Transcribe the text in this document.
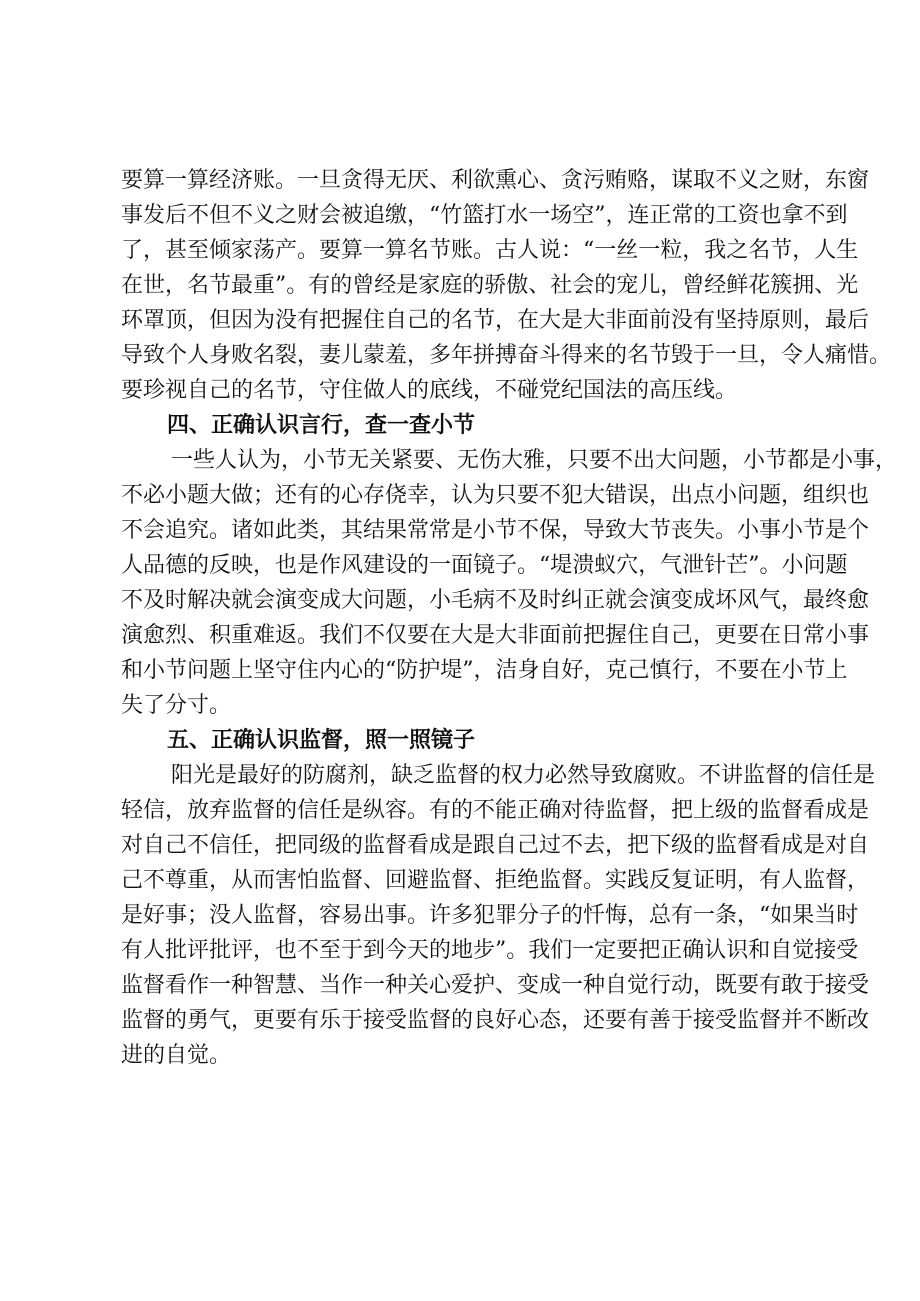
要算一算经济账。一旦贪得无厌、利欲熏心、贪污贿赂，谋取不义之财，东窗
事发后不但不义之财会被追缴，“竹篮打水一场空”，连正常的工资也拿不到
了，甚至倾家荡产。要算一算名节账。古人说：“一丝一粒，我之名节，人生
在世，名节最重”。有的曾经是家庭的骄傲、社会的宠儿，曾经鲜花簇拥、光
环罩顶，但因为没有把握住自己的名节，在大是大非面前没有坚持原则，最后
导致个人身败名裂，妻儿蒙羞，多年拼搏奋斗得来的名节毁于一旦，令人痛惜。
要珍视自己的名节，守住做人的底线，不碰党纪国法的高压线。
四、正确认识言行，查一查小节
一些人认为，小节无关紧要、无伤大雅，只要不出大问题，小节都是小事，
不必小题大做；还有的心存侥幸，认为只要不犯大错误，出点小问题，组织也
不会追究。诸如此类，其结果常常是小节不保，导致大节丧失。小事小节是个
人品德的反映，也是作风建设的一面镜子。“堤溃蚁穴，气泄针芒”。小问题
不及时解决就会演变成大问题，小毛病不及时纠正就会演变成坏风气，最终愈
演愈烈、积重难返。我们不仅要在大是大非面前把握住自己，更要在日常小事
和小节问题上坚守住内心的“防护堤”，洁身自好，克己慎行，不要在小节上
失了分寸。
五、正确认识监督，照一照镜子
阳光是最好的防腐剂，缺乏监督的权力必然导致腐败。不讲监督的信任是
轻信，放弃监督的信任是纵容。有的不能正确对待监督，把上级的监督看成是
对自己不信任，把同级的监督看成是跟自己过不去，把下级的监督看成是对自
己不尊重，从而害怕监督、回避监督、拒绝监督。实践反复证明，有人监督，
是好事；没人监督，容易出事。许多犯罪分子的忏悔，总有一条，“如果当时
有人批评批评，也不至于到今天的地步”。我们一定要把正确认识和自觉接受
监督看作一种智慧、当作一种关心爱护、变成一种自觉行动，既要有敢于接受
监督的勇气，更要有乐于接受监督的良好心态，还要有善于接受监督并不断改
进的自觉。
